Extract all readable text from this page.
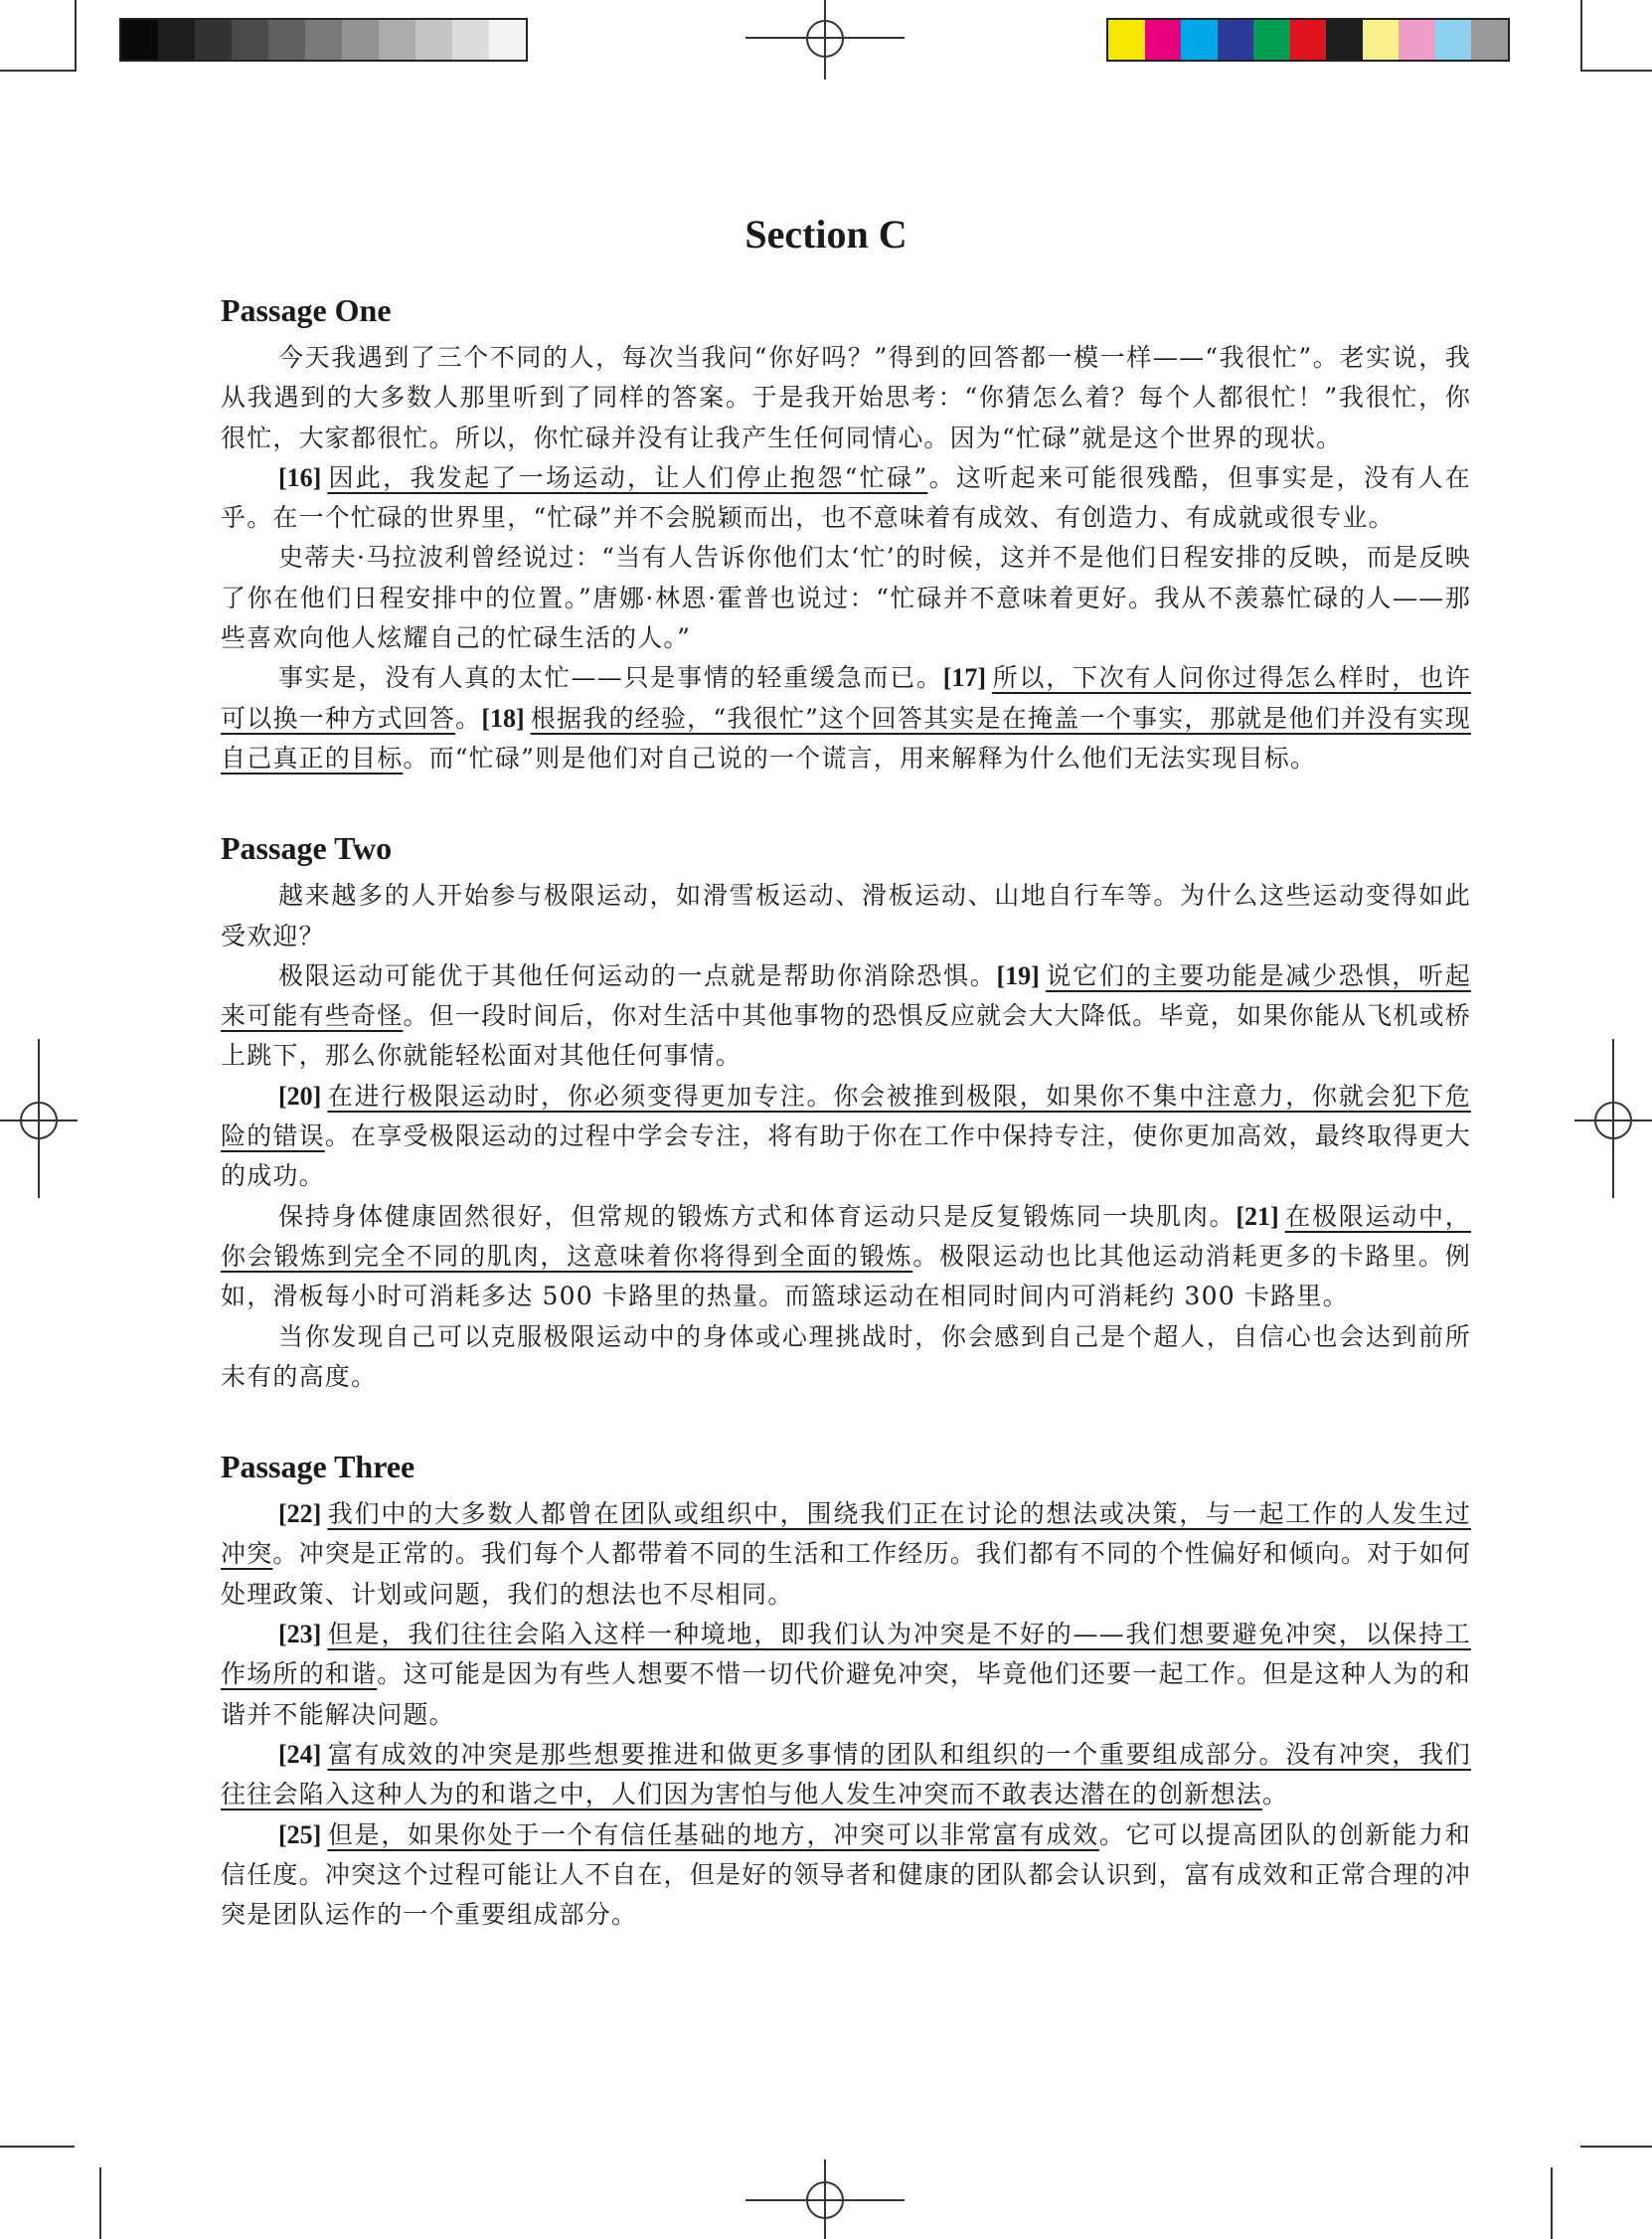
Section C
Passage One

今天我遇到了三个不同的人，每次当我问“你好吗？”得到的回答都一模一样——“我很忙”。老实说，我从我遇到的大多数人那里听到了同样的答案。于是我开始思考：“你猜怎么着？每个人都很忙！”我很忙，你很忙，大家都很忙。所以，你忙碌并没有让我产生任何同情心。因为“忙碌”就是这个世界的现状。

[16] 因此，我发起了一场运动，让人们停止抱怨“忙碌”。这听起来可能很残酷，但事实是，没有人在乎。在一个忙碌的世界里，“忙碌”并不会脱颖而出，也不意味着有成效、有创造力、有成就或很专业。

史蒂夫·马拉波利曾经说过：“当有人告诉你他们太‘忙’的时候，这并不是他们日程安排的反映，而是反映了你在他们日程安排中的位置。”唐娜·林恩·霍普也说过：“忙碌并不意味着更好。我从不羡慕忙碌的人——那些喜欢向他人炫耀自己的忙碌生活的人。”

事实是，没有人真的太忙——只是事情的轻重缓急而已。[17] 所以，下次有人问你过得怎么样时，也许可以换一种方式回答。[18] 根据我的经验，“我很忙”这个回答其实是在掩盖一个事实，那就是他们并没有实现自己真正的目标。而“忙碌”则是他们对自己说的一个谎言，用来解释为什么他们无法实现目标。

Passage Two

越来越多的人开始参与极限运动，如滑雪板运动、滑板运动、山地自行车等。为什么这些运动变得如此受欢迎？

极限运动可能优于其他任何运动的一点就是帮助你消除恐惧。[19] 说它们的主要功能是减少恐惧，听起来可能有些奇怪。但一段时间后，你对生活中其他事物的恐惧反应就会大大降低。毕竟，如果你能从飞机或桥上跳下，那么你就能轻松面对其他任何事情。

[20] 在进行极限运动时，你必须变得更加专注。你会被推到极限，如果你不集中注意力，你就会犯下危险的错误。在享受极限运动的过程中学会专注，将有助于你在工作中保持专注，使你更加高效，最终取得更大的成功。

保持身体健康固然很好，但常规的锻炼方式和体育运动只是反复锻炼同一块肌肉。[21] 在极限运动中，你会锻炼到完全不同的肌肉，这意味着你将得到全面的锻炼。极限运动也比其他运动消耗更多的卡路里。例如，滑板每小时可消耗多达 500 卡路里的热量。而篮球运动在相同时间内可消耗约 300 卡路里。

当你发现自己可以克服极限运动中的身体或心理挑战时，你会感到自己是个超人，自信心也会达到前所未有的高度。

Passage Three

[22] 我们中的大多数人都曾在团队或组织中，围绕我们正在讨论的想法或决策，与一起工作的人发生过冲突。冲突是正常的。我们每个人都带着不同的生活和工作经历。我们都有不同的个性偏好和倾向。对于如何处理政策、计划或问题，我们的想法也不尽相同。

[23] 但是，我们往往会陷入这样一种境地，即我们认为冲突是不好的——我们想要避免冲突，以保持工作场所的和谐。这可能是因为有些人想要不惜一切代价避免冲突，毕竟他们还要一起工作。但是这种人为的和谐并不能解决问题。

[24] 富有成效的冲突是那些想要推进和做更多事情的团队和组织的一个重要组成部分。没有冲突，我们往往会陷入这种人为的和谐之中，人们因为害怕与他人发生冲突而不敢表达潜在的创新想法。

[25] 但是，如果你处于一个有信任基础的地方，冲突可以非常富有成效。它可以提高团队的创新能力和信任度。冲突这个过程可能让人不自在，但是好的领导者和健康的团队都会认识到，富有成效和正常合理的冲突是团队运作的一个重要组成部分。
